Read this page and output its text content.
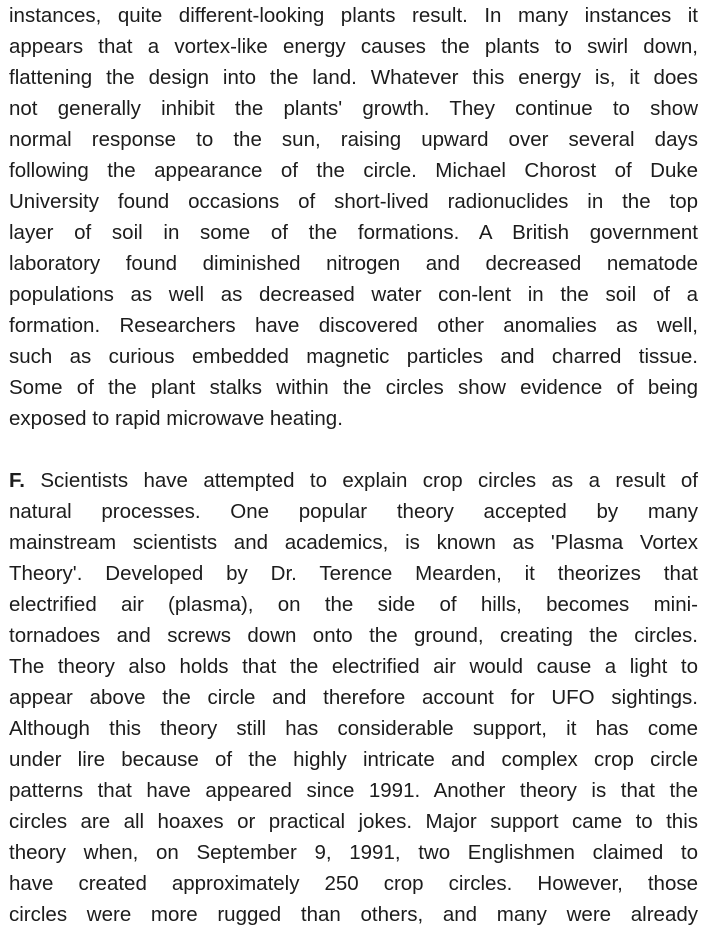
instances, quite different-looking plants result. In many instances it
appears that a vortex-like energy causes the plants to swirl down,
flattening the design into the land. Whatever this energy is, it does
not generally inhibit the plants' growth. They continue to show
normal response to the sun, raising upward over several days
following the appearance of the circle. Michael Chorost of Duke
University found occasions of short-lived radionuclides in the top
layer of soil in some of the formations. A British government
laboratory found diminished nitrogen and decreased nematode
populations as well as decreased water con-lent in the soil of a
formation. Researchers have discovered other anomalies as well,
such as curious embedded magnetic particles and charred tissue.
Some of the plant stalks within the circles show evidence of being
exposed to rapid microwave heating.
F. Scientists have attempted to explain crop circles as a result of
natural processes. One popular theory accepted by many
mainstream scientists and academics, is known as 'Plasma Vortex
Theory'. Developed by Dr. Terence Mearden, it theorizes that
electrified air (plasma), on the side of hills, becomes mini-
tornadoes and screws down onto the ground, creating the circles.
The theory also holds that the electrified air would cause a light to
appear above the circle and therefore account for UFO sightings.
Although this theory still has considerable support, it has come
under lire because of the highly intricate and complex crop circle
patterns that have appeared since 1991. Another theory is that the
circles are all hoaxes or practical jokes. Major support came to this
theory when, on September 9, 1991, two Englishmen claimed to
have created approximately 250 crop circles. However, those
circles were more rugged than others, and many were already
